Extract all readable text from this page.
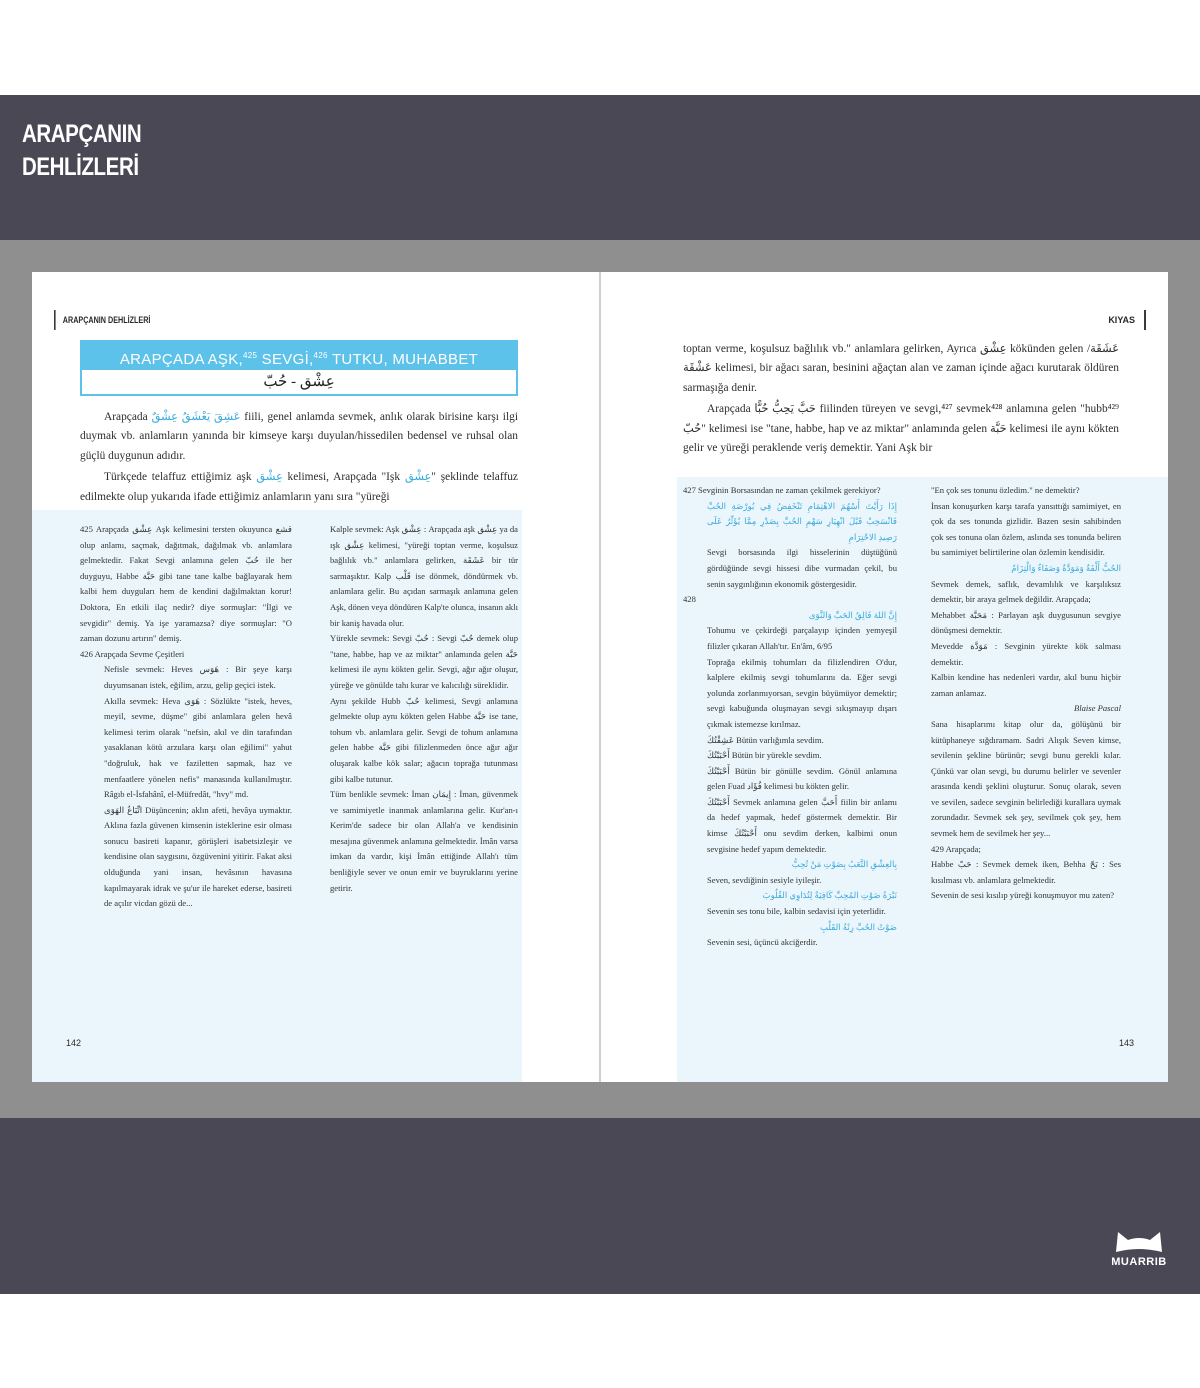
ARAPÇANIN
DEHLİZLERİ
MUARRIB
ARAPÇANIN DEHLİZLERİ
ARAPÇADA AŞK,$^{425}$ SEVGİ,$^{426}$ TUTKU, MUHABBET
عِشْق - حُبّ

Arapçada عَشِقَ يَعْشَقُ عِشْقٌ fiili, genel anlamda sevmek, anlık olarak birisine karşı ilgi duymak vb. anlamların yanında bir kimseye karşı duyulan/hissedilen bedensel ve ruhsal olan güçlü duygunun adıdır.

Türkçede telaffuz ettiğimiz aşk عِشْق kelimesi, Arapçada "Işk عِشْق" şeklinde telaffuz edilmekte olup yukarıda ifade ettiğimiz anlamların yanı sıra "yüreği

425 Arapçada عِشْق Aşk kelimesini tersten okuyunca قشع olup anlamı, saçmak, dağıtmak, dağılmak vb. anlamlara gelmektedir. Fakat Sevgi anlamına gelen حُبّ ile her duyguyu, Habbe حَبَّة gibi tane tane kalbe bağlayarak hem kalbi hem duyguları hem de kendini dağılmaktan korur! Doktora, En etkili ilaç nedir? diye sormuşlar: "İlgi ve sevgidir" demiş. Ya işe yaramazsa? diye sormuşlar: "O zaman dozunu artırın" demiş.
426 Arapçada Sevme Çeşitleri
Nefisle sevmek: Heves هَوَس : Bir şeye karşı duyumsanan istek, eğilim, arzu, gelip geçici istek.
Akılla sevmek: Heva هَوَى : Sözlükte "istek, heves, meyil, sevme, düşme" gibi anlamlara gelen hevâ kelimesi terim olarak "nefsin, akıl ve din tarafından yasaklanan kötü arzulara karşı olan eğilimi" yahut "doğruluk, hak ve faziletten sapmak, haz ve menfaatlere yönelen nefis" manasında kullanılmıştır. Râgıb el-İsfahânî, el-Müfredât, "hvy" md.
اتِّبَاعُ الهَوَى Düşüncenin; aklın afeti, hevâya uymaktır. Aklına fazla güvenen kimsenin isteklerine esir olması sonucu basireti kapanır, görüşleri isabetsizleşir ve kendisine olan saygısını, özgüvenini yitirir. Fakat aksi olduğunda yani insan, hevâsının havasına kapılmayarak idrak ve şu'ur ile hareket ederse, basireti de açılır vicdan gözü de...
Kalple sevmek: Aşk عِشْق : Arapçada aşk عِشْق ya da ışk عِشْق kelimesi, "yüreği toptan verme, koşulsuz bağlılık vb." anlamlara gelirken, عَشَقَة bir tür sarmaşıktır. Kalp قَلْب ise dönmek, döndürmek vb. anlamlara gelir. Bu açıdan sarmaşık anlamına gelen Aşk, dönen veya döndüren Kalp'te olunca, insanın aklı bir kaniş havada olur.
Yürekle sevmek: Sevgi حُبّ : Sevgi حُبّ demek olup "tane, habbe, hap ve az miktar" anlamında gelen حَبَّة kelimesi ile aynı kökten gelir. Sevgi, ağır ağır oluşur, yüreğe ve gönülde tahı kurar ve kalıcılığı süreklidir.
Aynı şekilde Hubb حُبّ kelimesi, Sevgi anlamına gelmekte olup aynı kökten gelen Habbe حَبَّة ise tane, tohum vb. anlamlara gelir. Sevgi de tohum anlamına gelen habbe حَبَّة gibi filizlenmeden önce ağır ağır oluşarak kalbe kök salar; ağacın toprağa tutunması gibi kalbe tutunur.
Tüm benlikle sevmek: İman إِيمَان : İman, güvenmek ve samimiyetle inanmak anlamlarına gelir. Kur'an-ı Kerim'de sadece bir olan Allah'a ve kendisinin mesajına güvenmek anlamına gelmektedir. İmân varsa imkan da vardır, kişi İmân ettiğinde Allah'ı tüm benliğiyle sever ve onun emir ve buyruklarını yerine getirir.
142
KIYAS

toptan verme, koşulsuz bağlılık vb." anlamlara gelirken, Ayrıca عِشْق kökünden gelen عَشَقَة/عَشْقَة kelimesi, bir ağacı saran, besinini ağaçtan alan ve zaman içinde ağacı kurutarak öldüren sarmaşığa denir.

Arapçada حَبَّ يَحِبُّ حُبًّا fiilinden türeyen ve sevgi,⁴²⁷ sevmek⁴²⁸ anlamına gelen "hubb⁴²⁹ حُبّ" kelimesi ise "tane, habbe, hap ve az miktar" anlamında gelen حَبَّة kelimesi ile aynı kökten gelir ve yüreği peraklende veriş demektir. Yani Aşk bir

427 Sevginin Borsasından ne zaman çekilmek gerekiyor?
إِذَا رَأَيْتَ أَسْهُمَ الاهْتِمَامِ تَنْخَفِضُ فِي بُورْصَةِ الحُبِّ فَانْسَحِبْ قَبْلَ انْهِيَارِ سَهْمِ الحُبِّ بِصَدْرِ مِمَّا يُؤَثِّرُ عَلَى رَصِيدِ الاحْتِرَامِ
Sevgi borsasında ilgi hisselerinin düştüğünü gördüğünde sevgi hissesi dibe vurmadan çekil, bu senin saygınlığının ekonomik göstergesidir.
428
إِنَّ اللهَ فَالِقُ الحَبِّ وَالنَّوَى
Tohumu ve çekirdeği parçalayıp içinden yemyeşil filizler çıkaran Allah'tır. En'âm, 6/95
Toprağa ekilmiş tohumları da filizlendiren O'dur, kalplere ekilmiş sevgi tohumlarını da. Eğer sevgi yolunda zorlanmıyorsan, sevgin büyümüyor demektir; sevgi kabuğunda oluşmayan sevgi sıkışmayıp dışarı çıkmak istemezse kırılmaz.
عَشِقْتُكَ Bütün varlığımla sevdim.
أَحْبَبْتُكَ Bütün bir yürekle sevdim.
أَحْبَبْتُكَ Bütün bir gönülle sevdim. Gönül anlamına gelen Fuad فُؤَاد kelimesi bu kökten gelir.
أَحْبَبْتُكَ Sevmek anlamına gelen أَحَبَّ fiilin bir anlamı da hedef yapmak, hedef göstermek demektir. Bir kimse أَحْبَبْتُكَ onu sevdim derken, kalbimi onun sevgisine hedef yapım demektedir.
بِالعِشْقِ التَّعَبُ بِصَوْتِ مَنْ تُحِبُّ
Seven, sevdiğinin sesiyle iyileşir.
نَبْرَةُ صَوْتِ المُحِبِّ كَافِيَةٌ لِتُدَاوِي القُلُوبَ
Sevenin ses tonu bile, kalbin sedavisi için yeterlidir.
صَوْتُ الحُبِّ رِئَةُ القَلْبِ
Sevenin sesi, üçüncü akciğerdir.
"En çok ses tonunu özledim." ne demektir?
İnsan konuşurken karşı tarafa yansıttığı samimiyet, en çok da ses tonunda gizlidir. Bazen sesin sahibinden çok ses tonuna olan özlem, aslında ses tonunda beliren bu samimiyet belirtilerine olan özlemin kendisidir.
الحُبُّ أَلْفَةٌ وَمَوَدَّةٌ وَصَفَاءٌ وَالْتِزَامٌ
Sevmek demek, saflık, devamlılık ve karşılıksız demektir, bir araya gelmek değildir. Arapçada;
Mehabbet مَحَبَّة : Parlayan aşk duygusunun sevgiye dönüşmesi demektir.
Mevedde مَوَدَّة : Sevginin yürekte kök salması demektir.
Kalbin kendine has nedenleri vardır, akıl bunu hiçbir zaman anlamaz.
Blaise Pascal
Sana hisaplarımı kitap olur da, gölüşünü bir kütüphaneye sığdıramam. Sadri Alışık Seven kimse, sevilenin şekline bürünür; sevgi bunu gerekli kılar. Çünkü var olan sevgi, bu durumu belirler ve sevenler arasında kendi şeklini oluşturur. Sonuç olarak, seven ve sevilen, sadece sevginin belirlediği kurallara uymak zorundadır. Sevmek sek şey, sevilmek çok şey, hem sevmek hem de sevilmek her şey...
429 Arapçada;
Habbe حَبّ : Sevmek demek iken, Behha بَحّ : Ses kısılması vb. anlamlara gelmektedir.
Sevenin de sesi kısılıp yüreği konuşmuyor mu zaten?
143
